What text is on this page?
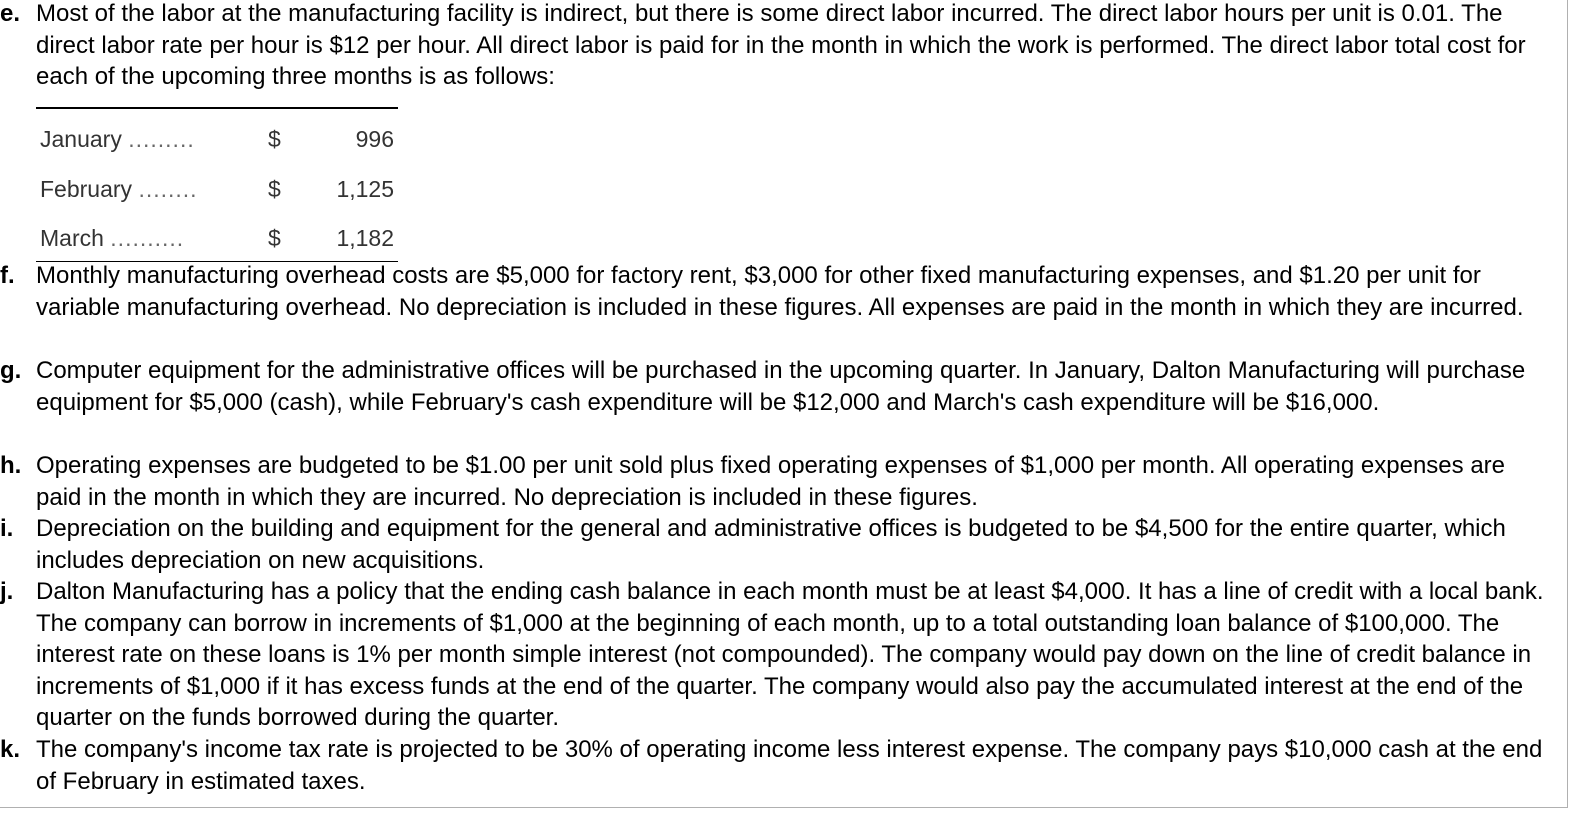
e. Most of the labor at the manufacturing facility is indirect, but there is some direct labor incurred. The direct labor hours per unit is 0.01. The direct labor rate per hour is $12 per hour. All direct labor is paid for in the month in which the work is performed. The direct labor total cost for each of the upcoming three months is as follows:
January .........	$	996
February ........	$ 1,125
March ..........	$ 1,182
f. Monthly manufacturing overhead costs are $5,000 for factory rent, $3,000 for other fixed manufacturing expenses, and $1.20 per unit for variable manufacturing overhead. No depreciation is included in these figures. All expenses are paid in the month in which they are incurred.
g. Computer equipment for the administrative offices will be purchased in the upcoming quarter. In January, Dalton Manufacturing will purchase equipment for $5,000 (cash), while February's cash expenditure will be $12,000 and March's cash expenditure will be $16,000.
h. Operating expenses are budgeted to be $1.00 per unit sold plus fixed operating expenses of $1,000 per month. All operating expenses are paid in the month in which they are incurred. No depreciation is included in these figures.
i. Depreciation on the building and equipment for the general and administrative offices is budgeted to be $4,500 for the entire quarter, which includes depreciation on new acquisitions.
j. Dalton Manufacturing has a policy that the ending cash balance in each month must be at least $4,000. It has a line of credit with a local bank. The company can borrow in increments of $1,000 at the beginning of each month, up to a total outstanding loan balance of $100,000. The interest rate on these loans is 1% per month simple interest (not compounded). The company would pay down on the line of credit balance in increments of $1,000 if it has excess funds at the end of the quarter. The company would also pay the accumulated interest at the end of the quarter on the funds borrowed during the quarter.
k. The company's income tax rate is projected to be 30% of operating income less interest expense. The company pays $10,000 cash at the end of February in estimated taxes.
